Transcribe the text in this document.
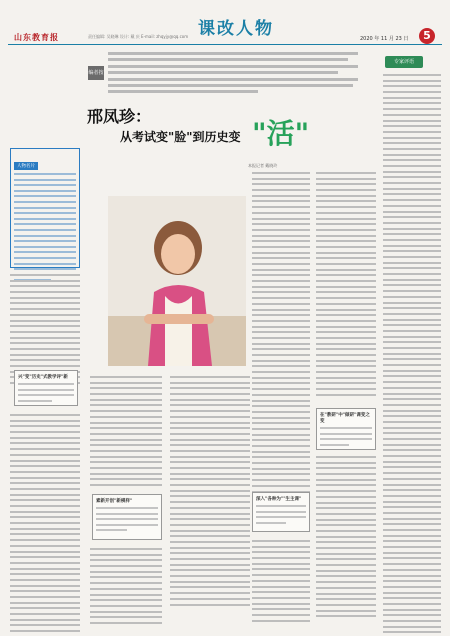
山东教育报	责任编辑: 吴晓琳 设计: 戴 庆 E-mail: zhqyjy@qq.com 课改人物	2020 年 11 月 23 日	5
编者按
专家评语
邢凤珍：
从考试变"脸"到历史变 "活"
本报记者 戴晓玲
人物名片
兴"变"历史"式教学评"新
素新开创"新模样"	深入"各种为""生主课"
在"教研"中"做研"课变之变
